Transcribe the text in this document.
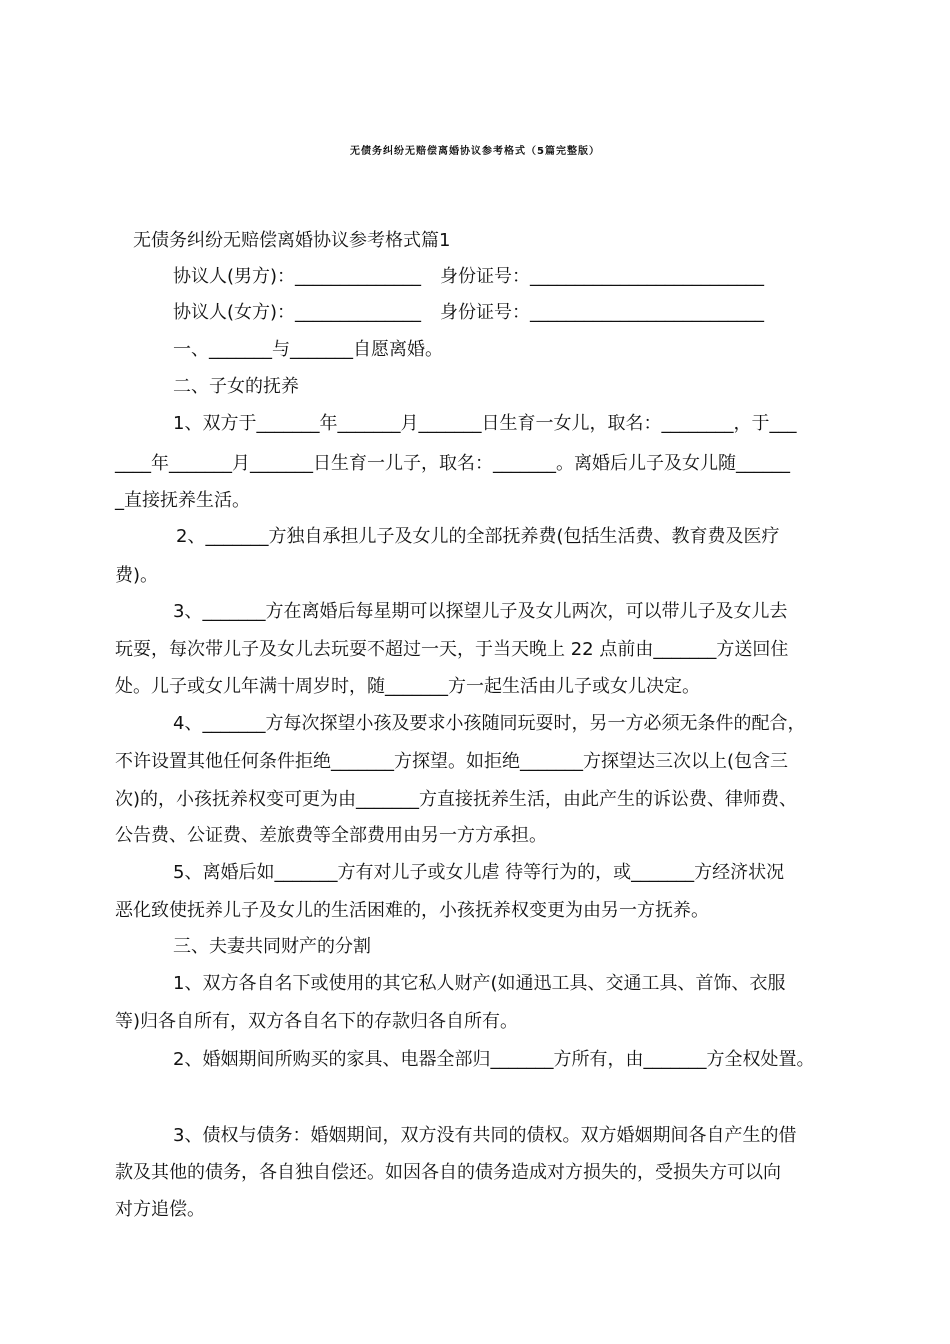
无债务纠纷无赔偿离婚协议参考格式（5篇完整版）
无债务纠纷无赔偿离婚协议参考格式篇1
协议人(男方)：______________ 身份证号：__________________________
协议人(女方)：______________ 身份证号：__________________________
一、_______与_______自愿离婚。
二、子女的抚养
1、双方于_______年_______月_______日生育一女儿，取名：________，于___
____年_______月_______日生育一儿子，取名：_______。离婚后儿子及女儿随______
_直接抚养生活。
2、_______方独自承担儿子及女儿的全部抚养费(包括生活费、教育费及医疗
费)。
3、_______方在离婚后每星期可以探望儿子及女儿两次，可以带儿子及女儿去
玩耍，每次带儿子及女儿去玩耍不超过一天，于当天晚上 22 点前由_______方送回住
处。儿子或女儿年满十周岁时，随_______方一起生活由儿子或女儿决定。
4、_______方每次探望小孩及要求小孩随同玩耍时，另一方必须无条件的配合，
不许设置其他任何条件拒绝_______方探望。如拒绝_______方探望达三次以上(包含三
次)的，小孩抚养权变可更为由_______方直接抚养生活，由此产生的诉讼费、律师费、
公告费、公证费、差旅费等全部费用由另一方方承担。
5、离婚后如_______方有对儿子或女儿虐 待等行为的，或_______方经济状况
恶化致使抚养儿子及女儿的生活困难的，小孩抚养权变更为由另一方抚养。
三、夫妻共同财产的分割
1、双方各自名下或使用的其它私人财产(如通迅工具、交通工具、首饰、衣服
等)归各自所有，双方各自名下的存款归各自所有。
2、婚姻期间所购买的家具、电器全部归_______方所有，由_______方全权处置。
3、债权与债务：婚姻期间，双方没有共同的债权。双方婚姻期间各自产生的借
款及其他的债务，各自独自偿还。如因各自的债务造成对方损失的，受损失方可以向
对方追偿。
